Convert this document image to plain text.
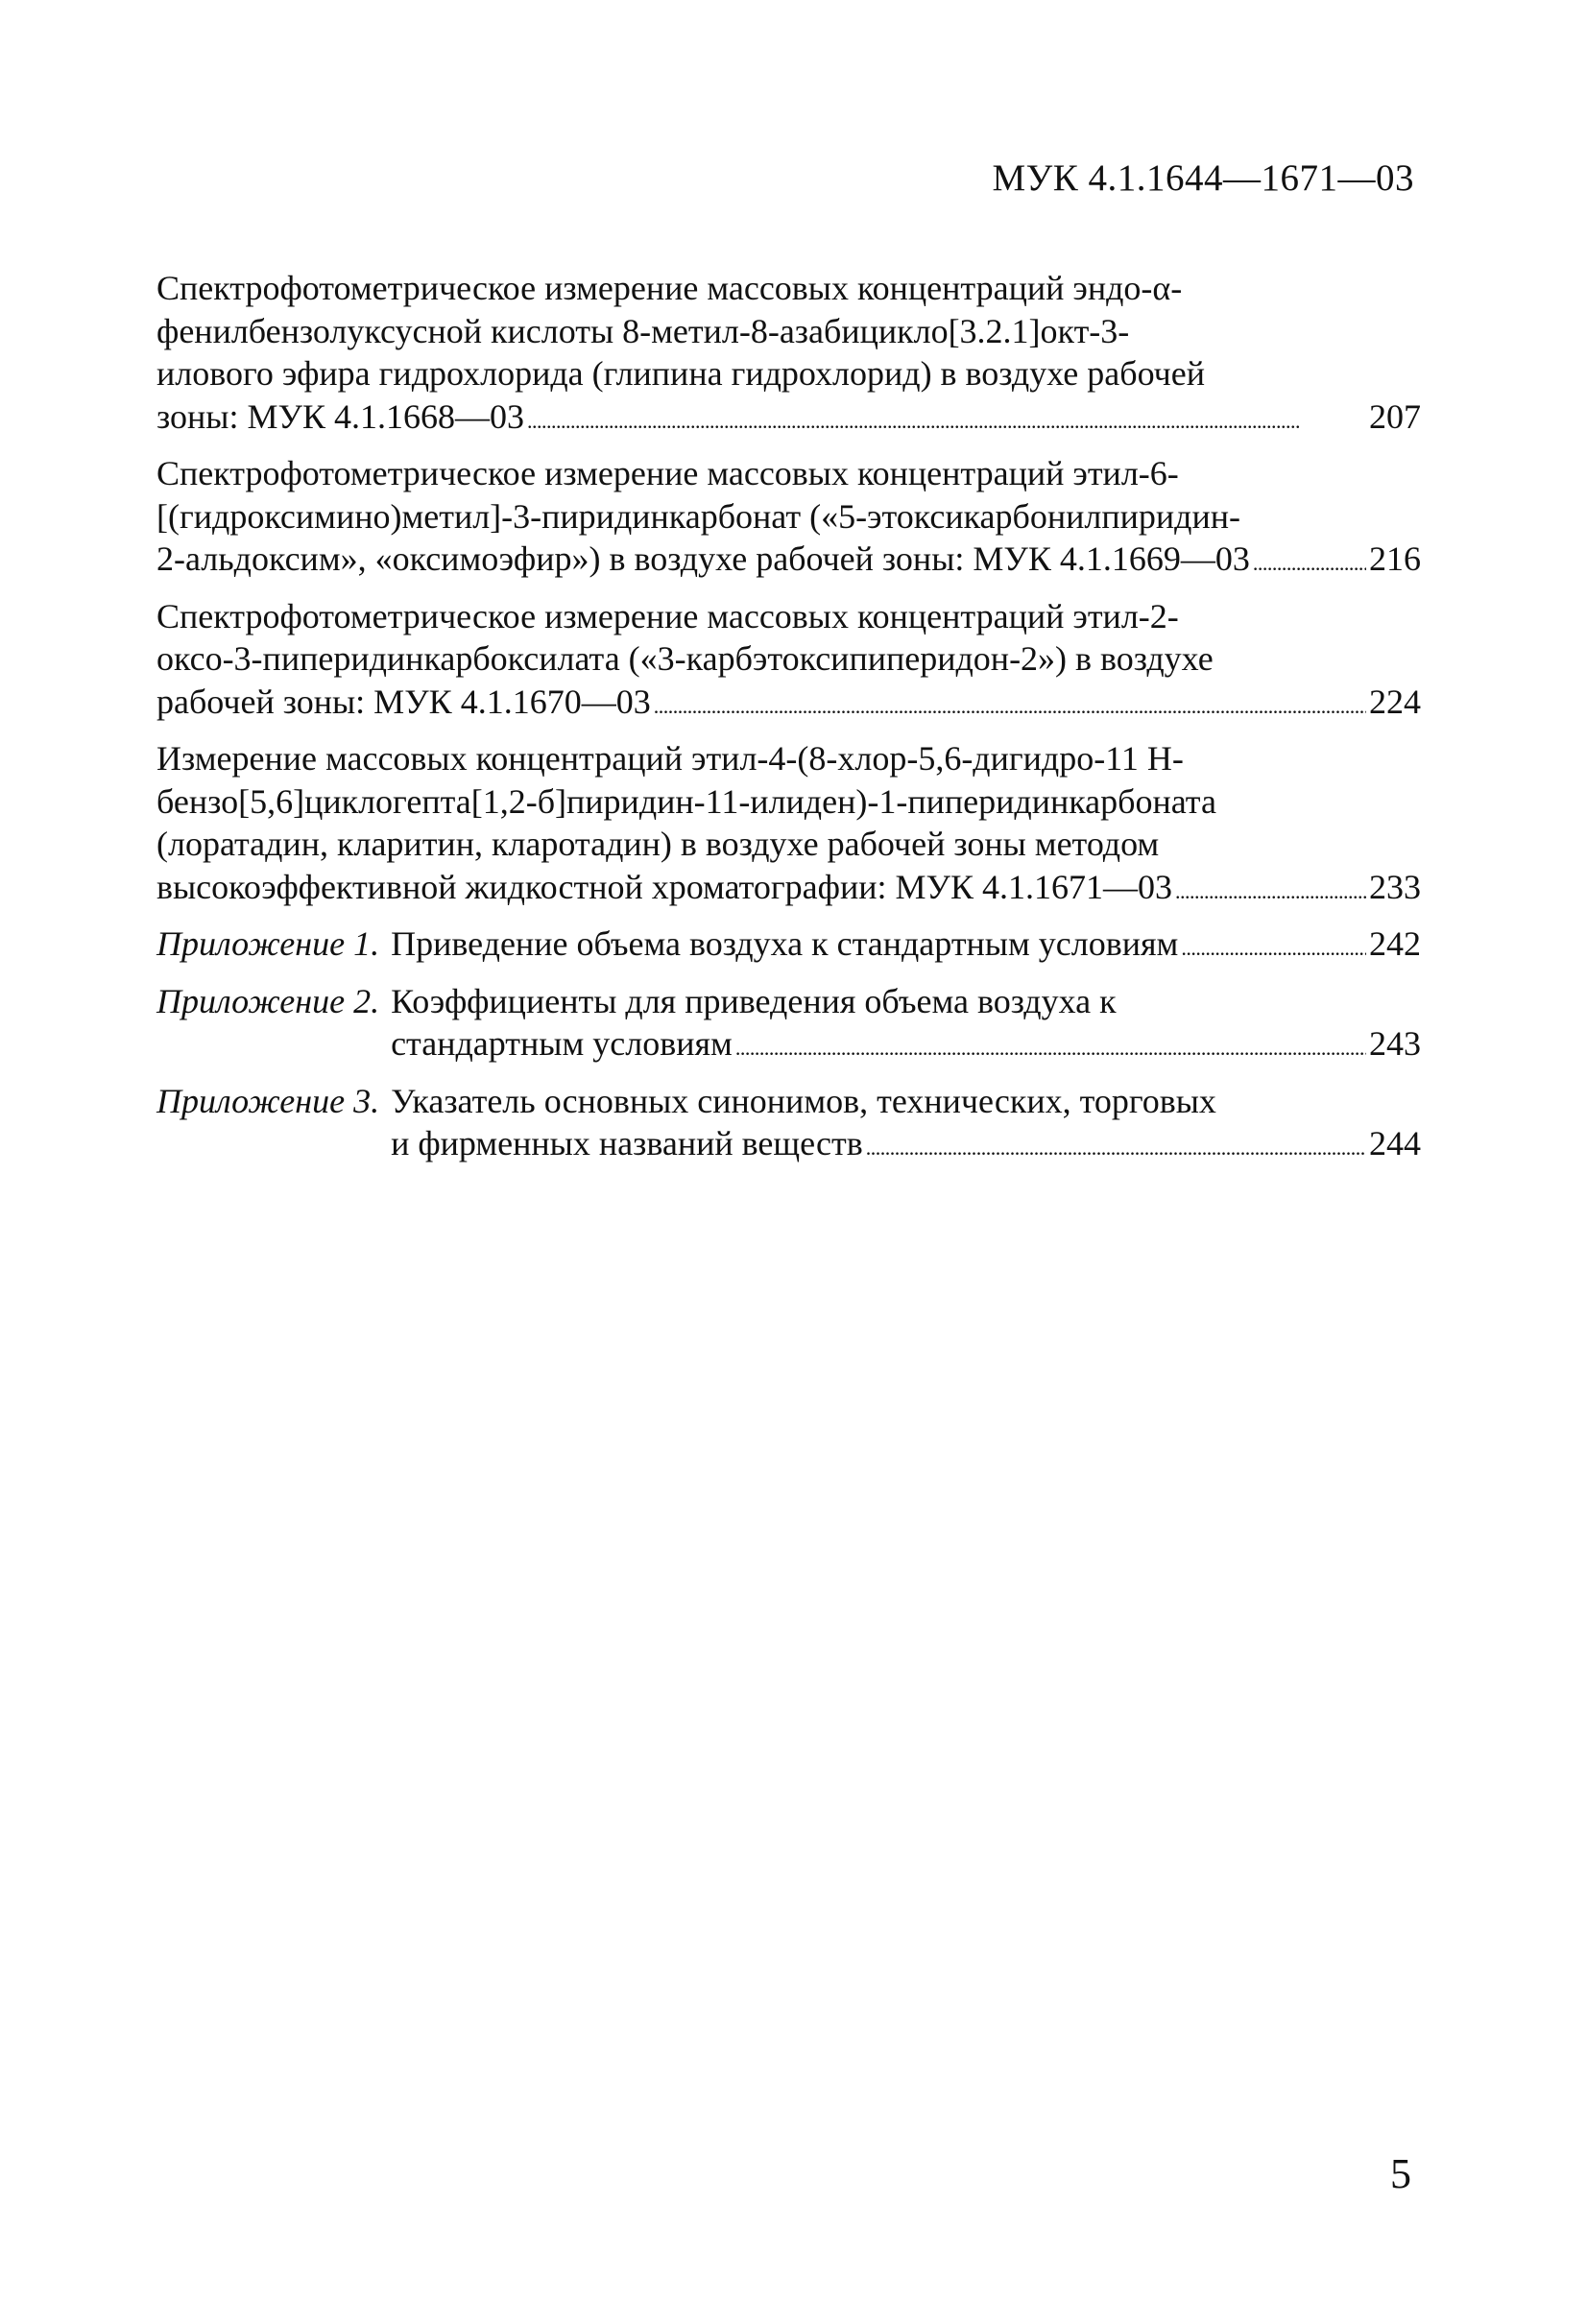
МУК 4.1.1644—1671—03
Спектрофотометрическое измерение массовых концентраций эндо-α-
фенилбензолуксусной кислоты 8-метил-8-азабицикло[3.2.1]окт-3-
илового эфира гидрохлорида (глипина гидрохлорид) в воздухе рабочей
зоны: МУК 4.1.1668—03 . . .	207
Спектрофотометрическое измерение массовых концентраций этил-6-
[(гидроксимино)метил]-3-пиридинкарбонат («5-этоксикарбонилпиридин-
2-альдоксим», «оксимоэфир») в воздухе рабочей зоны: МУК 4.1.1669—03 . . .	216
Спектрофотометрическое измерение массовых концентраций этил-2-
оксо-3-пиперидинкарбоксилата («3-карбэтоксипиперидон-2») в воздухе
рабочей зоны: МУК 4.1.1670—03 . . .	224
Измерение массовых концентраций этил-4-(8-хлор-5,6-дигидро-11 Н-
бензо[5,6]циклогепта[1,2-б]пиридин-11-илиден)-1-пиперидинкарбоната
(лоратадин, кларитин, кларотадин) в воздухе рабочей зоны методом
высокоэффективной жидкостной хроматографии: МУК 4.1.1671—03 . . .	233
Приложение 1. Приведение объема воздуха к стандартным условиям . . .	242
Приложение 2. Коэффициенты для приведения объема воздуха к
стандартным условиям . . .	243
Приложение 3. Указатель основных синонимов, технических, торговых
и фирменных названий веществ . . .	244
5
